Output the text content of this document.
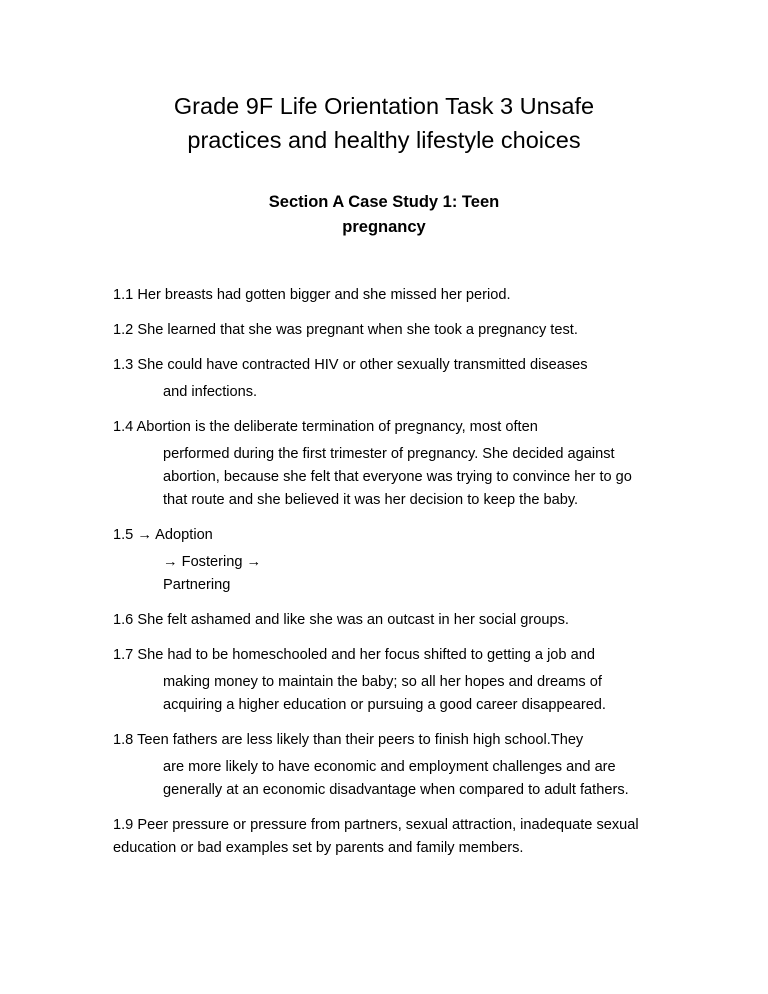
Grade 9F Life Orientation Task 3 Unsafe
practices and healthy lifestyle choices
Section A Case Study 1: Teen
pregnancy
1.1 Her breasts had gotten bigger and she missed her period.
1.2 She learned that she was pregnant when she took a pregnancy test.
1.3 She could have contracted HIV or other sexually transmitted diseases
and infections.
1.4 Abortion is the deliberate termination of pregnancy, most often
performed during the first trimester of pregnancy. She decided against
abortion, because she felt that everyone was trying to convince her to go
that route and she believed it was her decision to keep the baby.
1.5 → Adoption
→ Fostering →
Partnering
1.6 She felt ashamed and like she was an outcast in her social groups.
1.7 She had to be homeschooled and her focus shifted to getting a job and
making money to maintain the baby; so all her hopes and dreams of
acquiring a higher education or pursuing a good career disappeared.
1.8 Teen fathers are less likely than their peers to finish high school.They
are more likely to have economic and employment challenges and are
generally at an economic disadvantage when compared to adult fathers.
1.9 Peer pressure or pressure from partners, sexual attraction, inadequate sexual
education or bad examples set by parents and family members.
